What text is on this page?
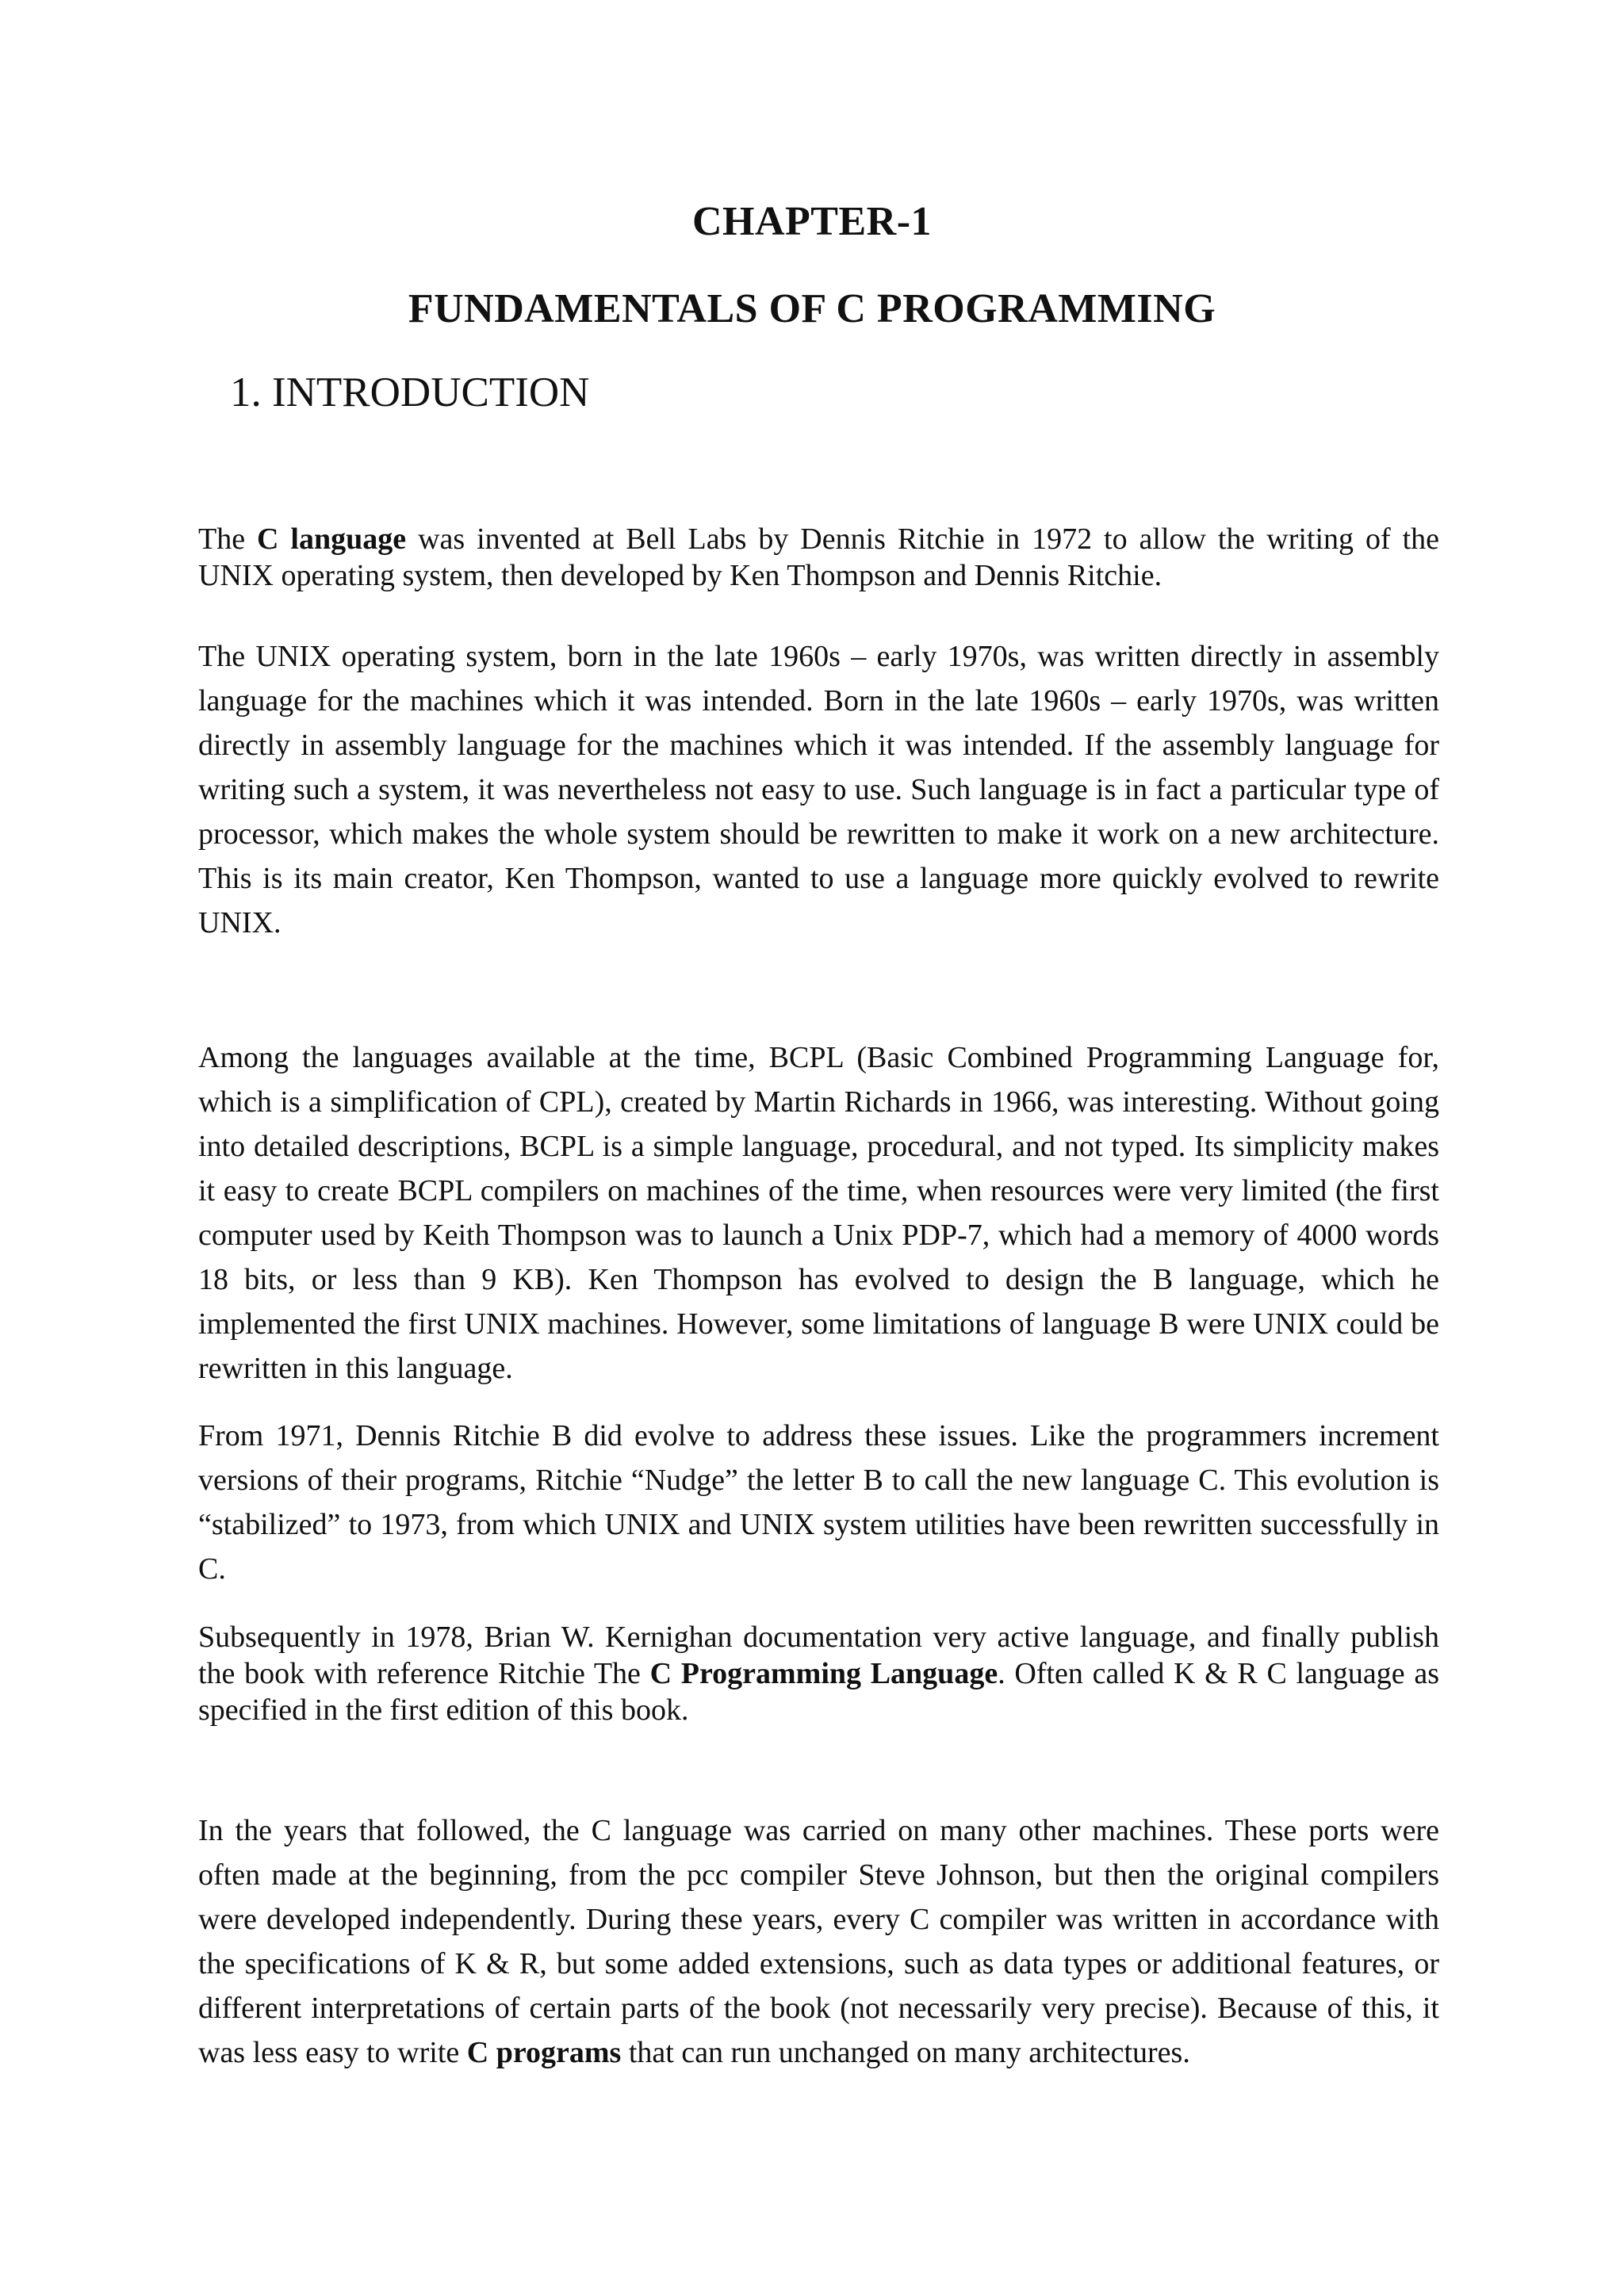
CHAPTER-1
FUNDAMENTALS OF C PROGRAMMING
1. INTRODUCTION

The C language was invented at Bell Labs by Dennis Ritchie in 1972 to allow the writing of the UNIX operating system, then developed by Ken Thompson and Dennis Ritchie.

The UNIX operating system, born in the late 1960s – early 1970s, was written directly in assembly language for the machines which it was intended. Born in the late 1960s – early 1970s, was written directly in assembly language for the machines which it was intended. If the assembly language for writing such a system, it was nevertheless not easy to use. Such language is in fact a particular type of processor, which makes the whole system should be rewritten to make it work on a new architecture. This is its main creator, Ken Thompson, wanted to use a language more quickly evolved to rewrite UNIX.

Among the languages available at the time, BCPL (Basic Combined Programming Language for, which is a simplification of CPL), created by Martin Richards in 1966, was interesting. Without going into detailed descriptions, BCPL is a simple language, procedural, and not typed. Its simplicity makes it easy to create BCPL compilers on machines of the time, when resources were very limited (the first computer used by Keith Thompson was to launch a Unix PDP-7, which had a memory of 4000 words 18 bits, or less than 9 KB). Ken Thompson has evolved to design the B language, which he implemented the first UNIX machines. However, some limitations of language B were UNIX could be rewritten in this language.

From 1971, Dennis Ritchie B did evolve to address these issues. Like the programmers increment versions of their programs, Ritchie “Nudge” the letter B to call the new language C. This evolution is “stabilized” to 1973, from which UNIX and UNIX system utilities have been rewritten successfully in C.

Subsequently in 1978, Brian W. Kernighan documentation very active language, and finally publish the book with reference Ritchie The C Programming Language. Often called K & R C language as specified in the first edition of this book.

In the years that followed, the C language was carried on many other machines. These ports were often made at the beginning, from the pcc compiler Steve Johnson, but then the original compilers were developed independently. During these years, every C compiler was written in accordance with the specifications of K & R, but some added extensions, such as data types or additional features, or different interpretations of certain parts of the book (not necessarily very precise). Because of this, it was less easy to write C programs that can run unchanged on many architectures.
